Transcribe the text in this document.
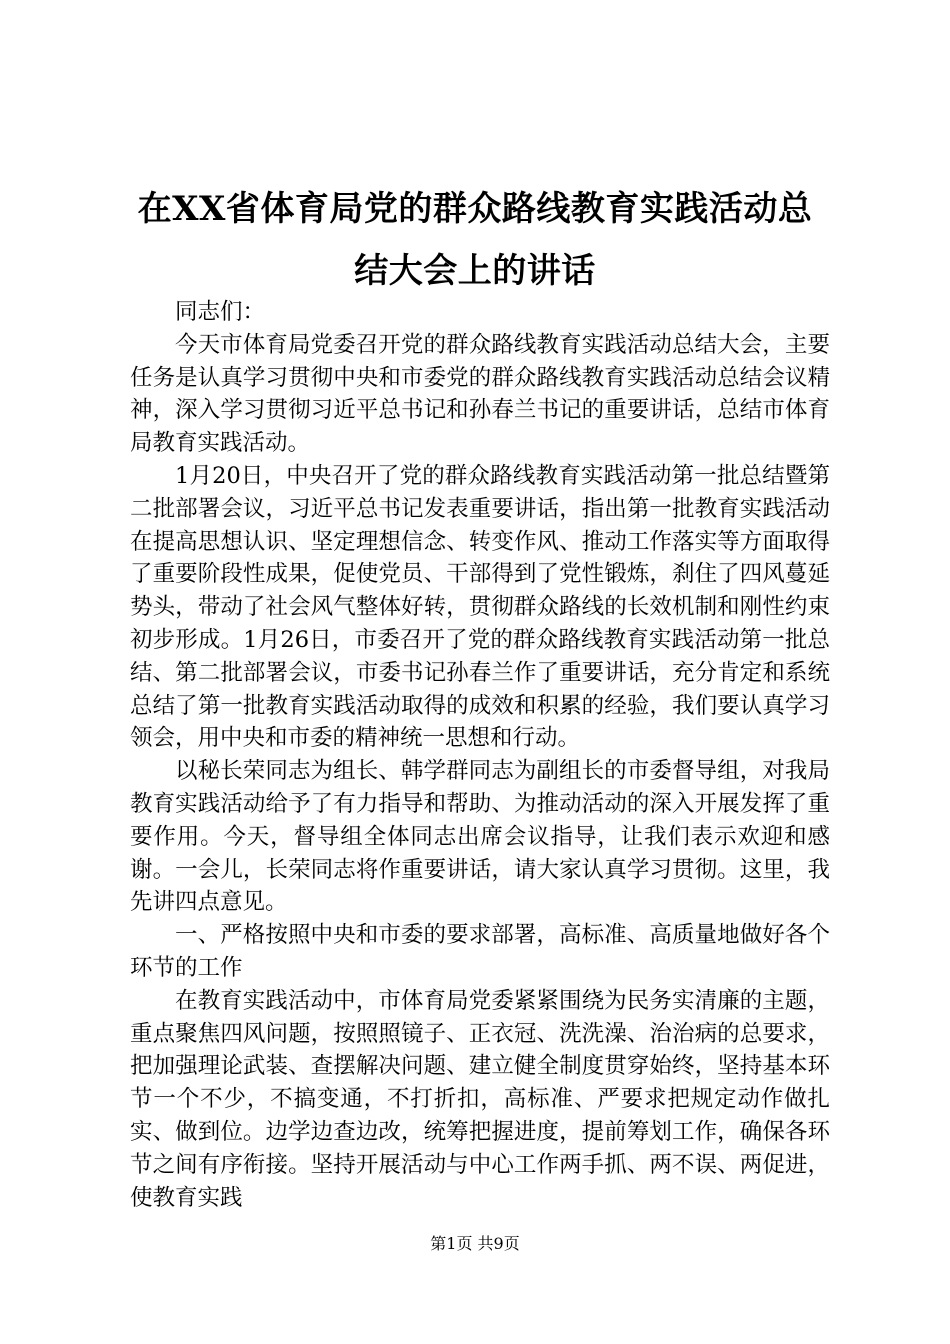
在XX省体育局党的群众路线教育实践活动总
结大会上的讲话

同志们：

今天市体育局党委召开党的群众路线教育实践活动总结大会，主要任务是认真学习贯彻中央和市委党的群众路线教育实践活动总结会议精神，深入学习贯彻习近平总书记和孙春兰书记的重要讲话，总结市体育局教育实践活动。

1月20日，中央召开了党的群众路线教育实践活动第一批总结暨第二批部署会议，习近平总书记发表重要讲话，指出第一批教育实践活动在提高思想认识、坚定理想信念、转变作风、推动工作落实等方面取得了重要阶段性成果，促使党员、干部得到了党性锻炼，刹住了四风蔓延势头，带动了社会风气整体好转，贯彻群众路线的长效机制和刚性约束初步形成。1月26日，市委召开了党的群众路线教育实践活动第一批总结、第二批部署会议，市委书记孙春兰作了重要讲话，充分肯定和系统总结了第一批教育实践活动取得的成效和积累的经验，我们要认真学习领会，用中央和市委的精神统一思想和行动。

以秘长荣同志为组长、韩学群同志为副组长的市委督导组，对我局教育实践活动给予了有力指导和帮助、为推动活动的深入开展发挥了重要作用。今天，督导组全体同志出席会议指导，让我们表示欢迎和感谢。一会儿，长荣同志将作重要讲话，请大家认真学习贯彻。这里，我先讲四点意见。

一、严格按照中央和市委的要求部署，高标准、高质量地做好各个环节的工作

在教育实践活动中，市体育局党委紧紧围绕为民务实清廉的主题，重点聚焦四风问题，按照照镜子、正衣冠、洗洗澡、治治病的总要求，把加强理论武装、查摆解决问题、建立健全制度贯穿始终，坚持基本环节一个不少，不搞变通，不打折扣，高标准、严要求把规定动作做扎实、做到位。边学边查边改，统筹把握进度，提前筹划工作，确保各环节之间有序衔接。坚持开展活动与中心工作两手抓、两不误、两促进，使教育实践

第1页 共9页
